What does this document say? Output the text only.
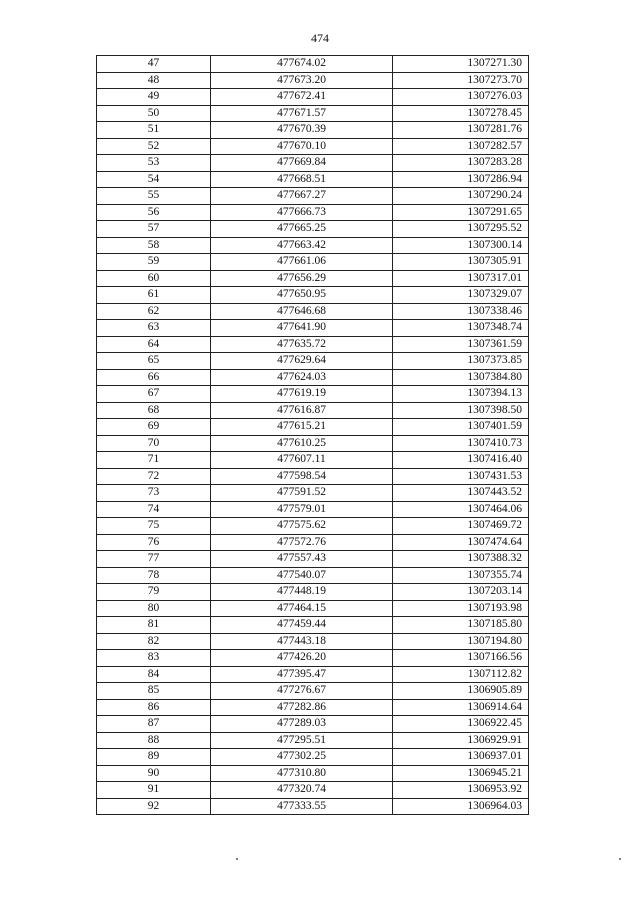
474
47	477674.02	1307271.30
48	477673.20	1307273.70
49	477672.41	1307276.03
50	477671.57	1307278.45
51	477670.39	1307281.76
52	477670.10	1307282.57
53	477669.84	1307283.28
54	477668.51	1307286.94
55	477667.27	1307290.24
56	477666.73	1307291.65
57	477665.25	1307295.52
58	477663.42	1307300.14
59	477661.06	1307305.91
60	477656.29	1307317.01
61	477650.95	1307329.07
62	477646.68	1307338.46
63	477641.90	1307348.74
64	477635.72	1307361.59
65	477629.64	1307373.85
66	477624.03	1307384.80
67	477619.19	1307394.13
68	477616.87	1307398.50
69	477615.21	1307401.59
70	477610.25	1307410.73
71	477607.11	1307416.40
72	477598.54	1307431.53
73	477591.52	1307443.52
74	477579.01	1307464.06
75	477575.62	1307469.72
76	477572.76	1307474.64
77	477557.43	1307388.32
78	477540.07	1307355.74
79	477448.19	1307203.14
80	477464.15	1307193.98
81	477459.44	1307185.80
82	477443.18	1307194.80
83	477426.20	1307166.56
84	477395.47	1307112.82
85	477276.67	1306905.89
86	477282.86	1306914.64
87	477289.03	1306922.45
88	477295.51	1306929.91
89	477302.25	1306937.01
90	477310.80	1306945.21
91	477320.74	1306953.92
92	477333.55	1306964.03
